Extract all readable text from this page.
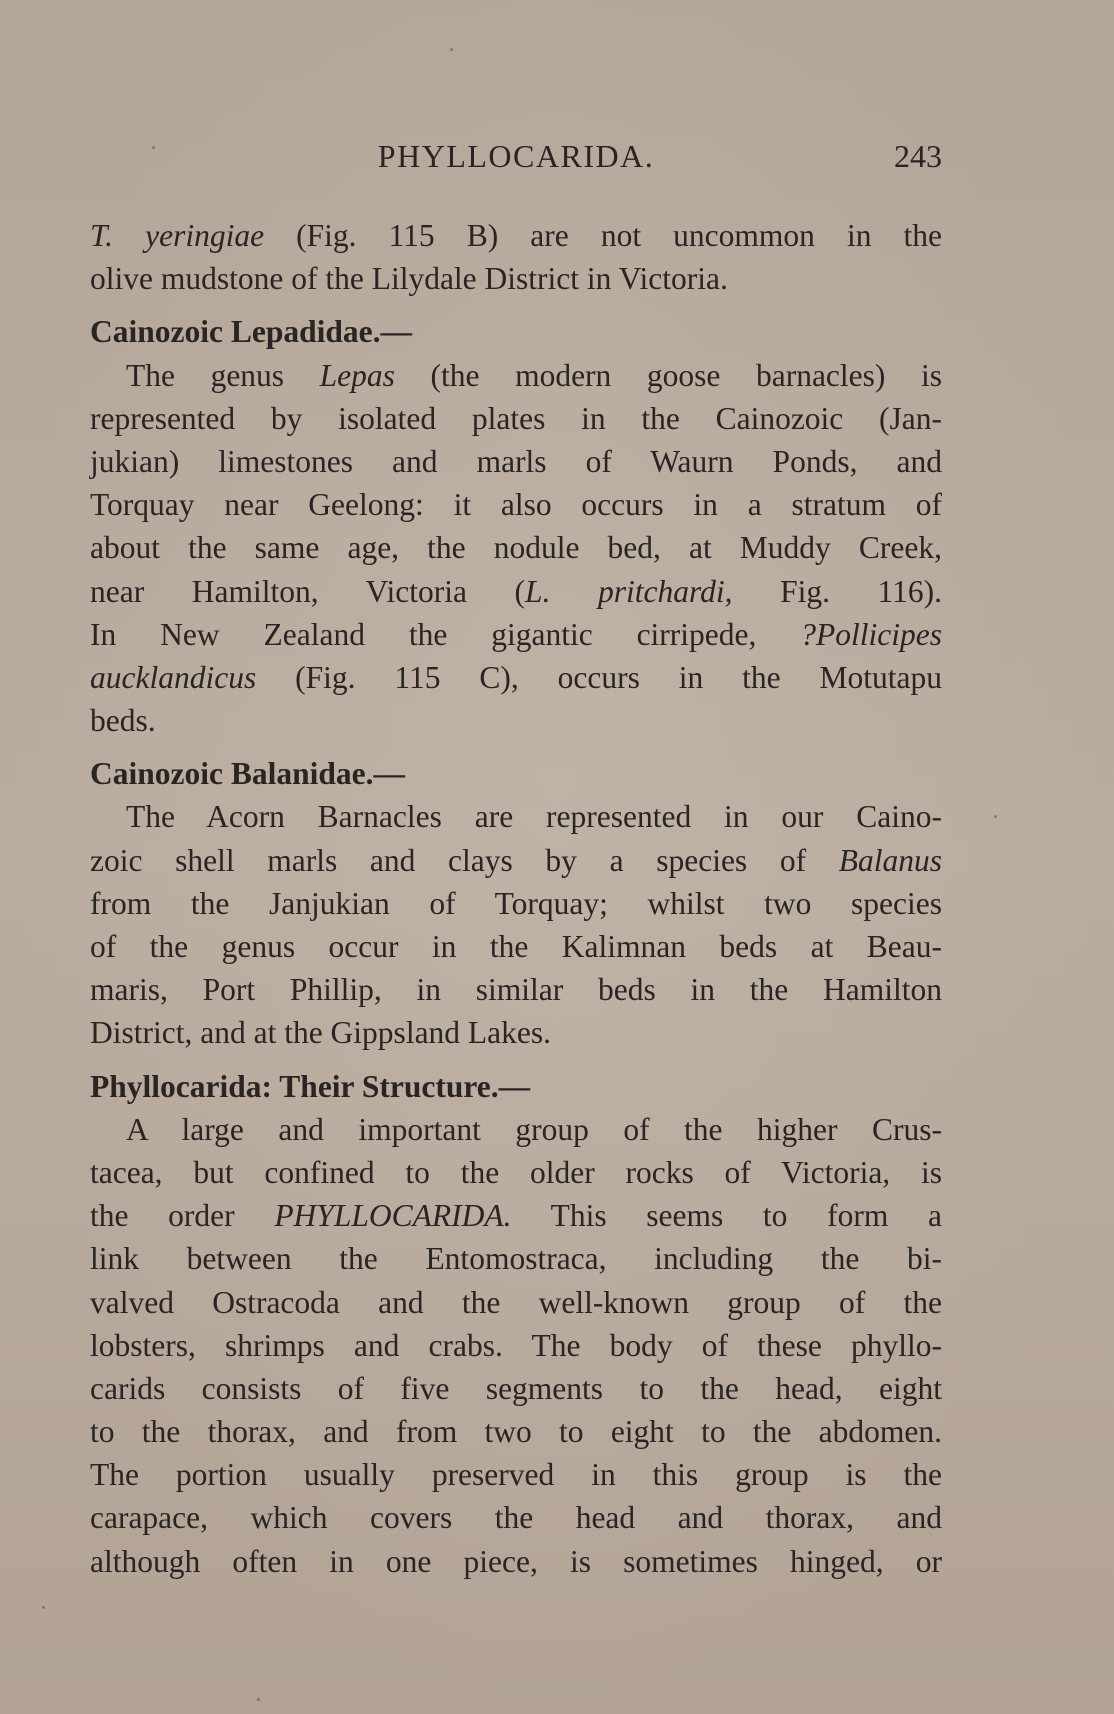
PHYLLOCARIDA.	243
T. yeringiae (Fig. 115 B) are not uncommon in the
olive mudstone of the Lilydale District in Victoria.
Cainozoic Lepadidae.—
The genus Lepas (the modern goose barnacles) is
represented by isolated plates in the Cainozoic (Jan-
jukian) limestones and marls of Waurn Ponds, and
Torquay near Geelong: it also occurs in a stratum of
about the same age, the nodule bed, at Muddy Creek,
near Hamilton, Victoria (L. pritchardi, Fig. 116).
In New Zealand the gigantic cirripede, ?Pollicipes
aucklandicus (Fig. 115 C), occurs in the Motutapu
beds.
Cainozoic Balanidae.—
The Acorn Barnacles are represented in our Caino-
zoic shell marls and clays by a species of Balanus
from the Janjukian of Torquay; whilst two species
of the genus occur in the Kalimnan beds at Beau-
maris, Port Phillip, in similar beds in the Hamilton
District, and at the Gippsland Lakes.
Phyllocarida: Their Structure.—
A large and important group of the higher Crus-
tacea, but confined to the older rocks of Victoria, is
the order PHYLLOCARIDA. This seems to form a
link between the Entomostraca, including the bi-
valved Ostracoda and the well-known group of the
lobsters, shrimps and crabs. The body of these phyllo-
carids consists of five segments to the head, eight
to the thorax, and from two to eight to the abdomen.
The portion usually preserved in this group is the
carapace, which covers the head and thorax, and
although often in one piece, is sometimes hinged, or
